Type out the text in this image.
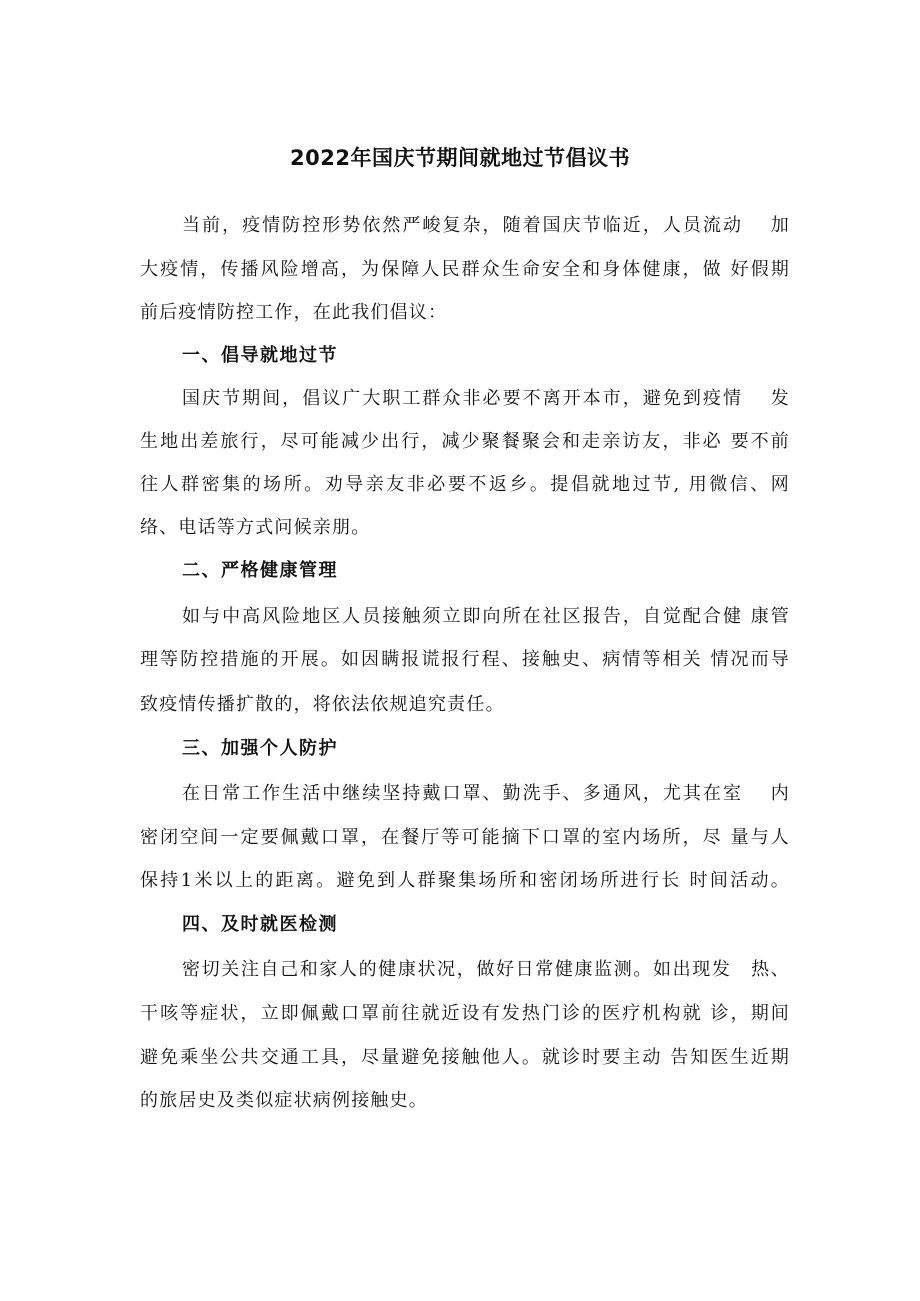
2022年国庆节期间就地过节倡议书
当前，疫情防控形势依然严峻复杂，随着国庆节临近，人员流动　 加
大疫情，传播风险增高，为保障人民群众生命安全和身体健康，做 好假期
前后疫情防控工作，在此我们倡议：
一、倡导就地过节
国庆节期间，倡议广大职工群众非必要不离开本市，避免到疫情　 发
生地出差旅行，尽可能减少出行，减少聚餐聚会和走亲访友，非必 要不前
往人群密集的场所。劝导亲友非必要不返乡。提倡就地过节, 用微信、网
络、电话等方式问候亲朋。
二、严格健康管理
如与中高风险地区人员接触须立即向所在社区报告，自觉配合健 康管
理等防控措施的开展。如因瞒报谎报行程、接触史、病情等相关 情况而导
致疫情传播扩散的，将依法依规追究责任。
三、加强个人防护
在日常工作生活中继续坚持戴口罩、勤洗手、多通风，尤其在室　 内
密闭空间一定要佩戴口罩，在餐厅等可能摘下口罩的室内场所，尽 量与人
保持1米以上的距离。避免到人群聚集场所和密闭场所进行长 时间活动。
四、及时就医检测
密切关注自己和家人的健康状况，做好日常健康监测。如出现发　热、
干咳等症状，立即佩戴口罩前往就近设有发热门诊的医疗机构就 诊，期间
避免乘坐公共交通工具，尽量避免接触他人。就诊时要主动 告知医生近期
的旅居史及类似症状病例接触史。
